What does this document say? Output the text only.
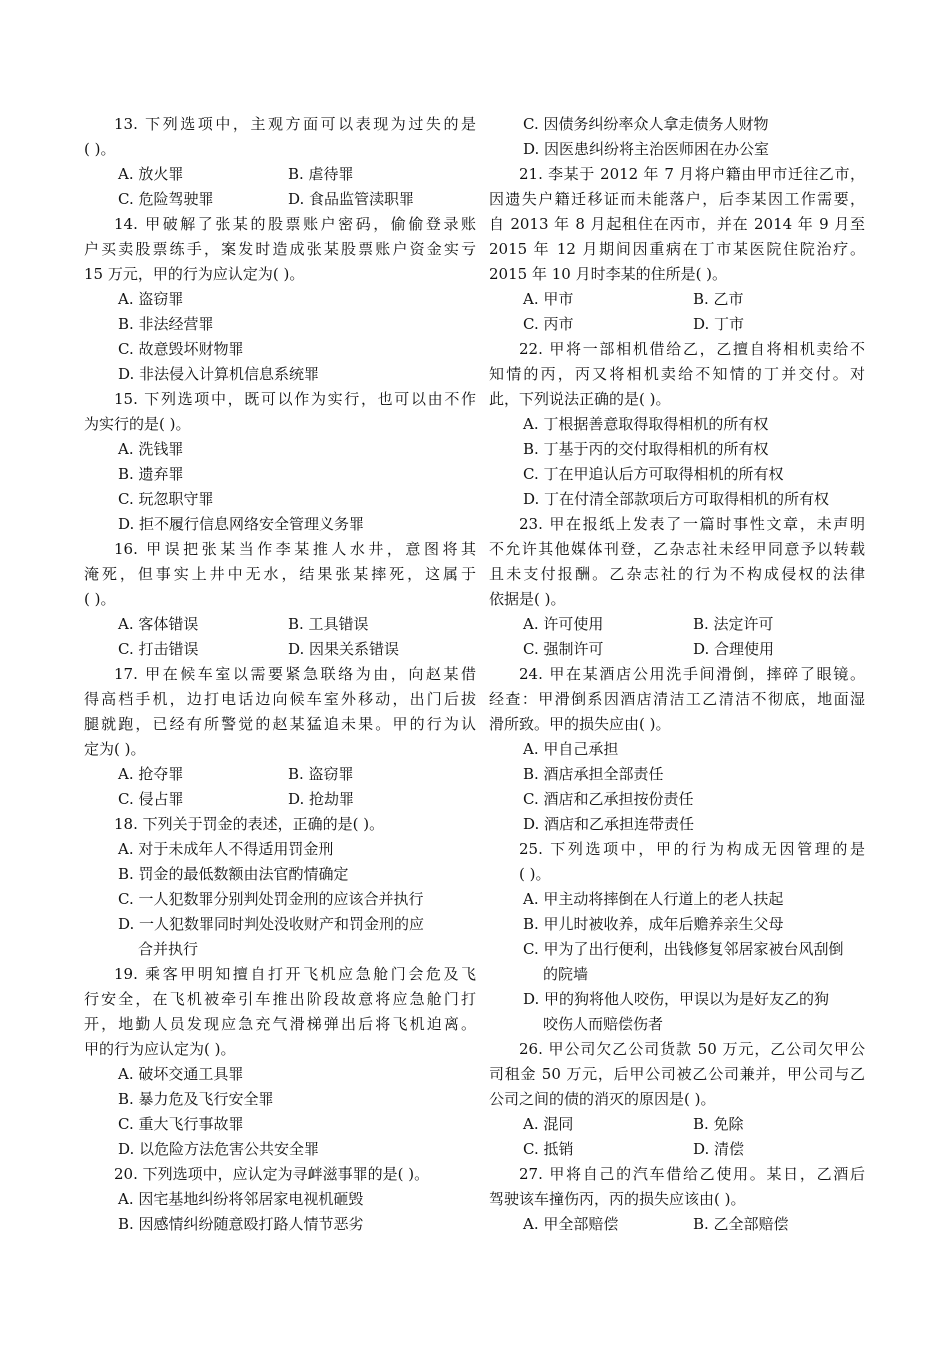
13. 下列选项中，主观方面可以表现为过失的是
( )。
A. 放火罪	B. 虐待罪
C. 危险驾驶罪	D. 食品监管渎职罪
14. 甲破解了张某的股票账户密码，偷偷登录账
户买卖股票练手，案发时造成张某股票账户资金实亏
15 万元，甲的行为应认定为( )。
A. 盗窃罪
B. 非法经营罪
C. 故意毁坏财物罪
D. 非法侵入计算机信息系统罪
15. 下列选项中，既可以作为实行，也可以由不作
为实行的是( )。
A. 洗钱罪
B. 遗弃罪
C. 玩忽职守罪
D. 拒不履行信息网络安全管理义务罪
16. 甲误把张某当作李某推人水井，意图将其
淹死，但事实上井中无水，结果张某摔死，这属于
( )。
A. 客体错误	B. 工具错误
C. 打击错误	D. 因果关系错误
17. 甲在候车室以需要紧急联络为由，向赵某借
得高档手机，边打电话边向候车室外移动，出门后拔
腿就跑，已经有所警觉的赵某猛追未果。甲的行为认
定为( )。
A. 抢夺罪	B. 盗窃罪
C. 侵占罪	D. 抢劫罪
18. 下列关于罚金的表述，正确的是( )。
A. 对于未成年人不得适用罚金刑
B. 罚金的最低数额由法官酌情确定
C. 一人犯数罪分别判处罚金刑的应该合并执行
D. 一人犯数罪同时判处没收财产和罚金刑的应
合并执行
19. 乘客甲明知擅自打开飞机应急舱门会危及飞
行安全，在飞机被牵引车推出阶段故意将应急舱门打
开，地勤人员发现应急充气滑梯弹出后将飞机迫离。
甲的行为应认定为( )。
A. 破坏交通工具罪
B. 暴力危及飞行安全罪
C. 重大飞行事故罪
D. 以危险方法危害公共安全罪
20. 下列选项中，应认定为寻衅滋事罪的是( )。
A. 因宅基地纠纷将邻居家电视机砸毁
B. 因感情纠纷随意殴打路人情节恶劣
C. 因债务纠纷率众人拿走债务人财物
D. 因医患纠纷将主治医师困在办公室
21. 李某于 2012 年 7 月将户籍由甲市迁往乙市，
因遗失户籍迁移证而未能落户，后李某因工作需要，
自 2013 年 8 月起租住在丙市，并在 2014 年 9 月至
2015 年 12 月期间因重病在丁市某医院住院治疗。
2015 年 10 月时李某的住所是( )。
A. 甲市	B. 乙市
C. 丙市	D. 丁市
22. 甲将一部相机借给乙，乙擅自将相机卖给不
知情的丙，丙又将相机卖给不知情的丁并交付。对
此，下列说法正确的是( )。
A. 丁根据善意取得取得相机的所有权
B. 丁基于丙的交付取得相机的所有权
C. 丁在甲追认后方可取得相机的所有权
D. 丁在付清全部款项后方可取得相机的所有权
23. 甲在报纸上发表了一篇时事性文章，未声明
不允许其他媒体刊登，乙杂志社未经甲同意予以转载
且未支付报酬。乙杂志社的行为不构成侵权的法律
依据是( )。
A. 许可使用	B. 法定许可
C. 强制许可	D. 合理使用
24. 甲在某酒店公用洗手间滑倒，摔碎了眼镜。
经查：甲滑倒系因酒店清洁工乙清洁不彻底，地面湿
滑所致。甲的损失应由( )。
A. 甲自己承担
B. 酒店承担全部责任
C. 酒店和乙承担按份责任
D. 酒店和乙承担连带责任
25. 下列选项中，甲的行为构成无因管理的是
( )。
A. 甲主动将摔倒在人行道上的老人扶起
B. 甲儿时被收养，成年后赡养亲生父母
C. 甲为了出行便利，出钱修复邻居家被台风刮倒
的院墙
D. 甲的狗将他人咬伤，甲误以为是好友乙的狗
咬伤人而赔偿伤者
26. 甲公司欠乙公司货款 50 万元，乙公司欠甲公
司租金 50 万元，后甲公司被乙公司兼并，甲公司与乙
公司之间的债的消灭的原因是( )。
A. 混同	B. 免除
C. 抵销	D. 清偿
27. 甲将自己的汽车借给乙使用。某日，乙酒后
驾驶该车撞伤丙，丙的损失应该由( )。
A. 甲全部赔偿	B. 乙全部赔偿
